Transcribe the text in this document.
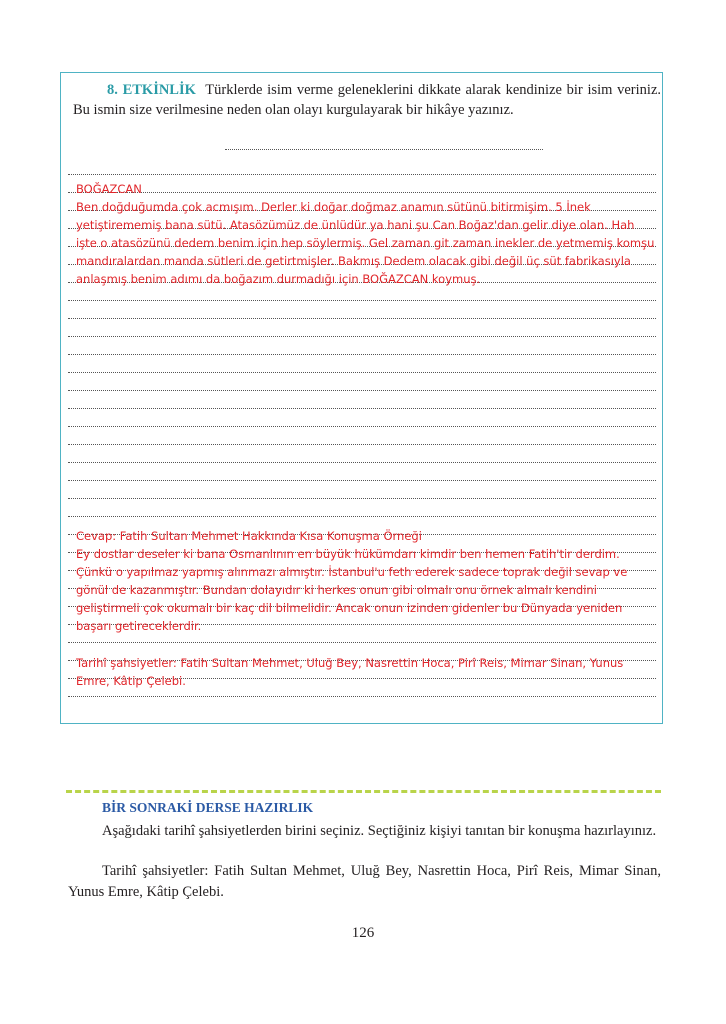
8. ETKİNLİK Türklerde isim verme geleneklerini dikkate alarak kendinize bir isim veriniz. Bu ismin size verilmesine neden olan olayı kurgulayarak bir hikâye yazınız.
BOĞAZCAN
Ben doğduğumda çok acmışım. Derler ki doğar doğmaz anamın sütünü bitirmişim. 5 İnek
yetiştirememiş bana sütü. Atasözümüz de ünlüdür ya hani şu Can Boğaz'dan gelir diye olan. Hah
işte o atasözünü dedem benim için hep söylermiş. Gel zaman git zaman inekler de yetmemiş komşu
mandıralardan manda sütleri de getirtmişler. Bakmış Dedem olacak gibi değil üç süt fabrikasıyla
anlaşmış benim adımı da boğazım durmadığı için BOĞAZCAN koymuş.
Cevap: Fatih Sultan Mehmet Hakkında Kısa Konuşma Örneği
Ey dostlar deseler ki bana Osmanlının en büyük hükümdarı kimdir ben hemen Fatih'tir derdim.
Çünkü o yapılmaz yapmış alınmazı almıştır. İstanbul'u feth ederek sadece toprak değil sevap ve
gönül de kazanmıştır. Bundan dolayıdır ki herkes onun gibi olmalı onu örnek almalı kendini
geliştirmeli çok okumalı bir kaç dil bilmelidir. Ancak onun izinden gidenler bu Dünyada yeniden
başarı getireceklerdir.
Tarihî şahsiyetler: Fatih Sultan Mehmet, Uluğ Bey, Nasrettin Hoca, Pirî Reis, Mimar Sinan, Yunus
Emre, Kâtip Çelebi.
BİR SONRAKİ DERSE HAZIRLIK
Aşağıdaki tarihî şahsiyetlerden birini seçiniz. Seçtiğiniz kişiyi tanıtan bir konuşma hazırlayınız.
Tarihî şahsiyetler: Fatih Sultan Mehmet, Uluğ Bey, Nasrettin Hoca, Pirî Reis, Mimar Sinan, Yunus Emre, Kâtip Çelebi.
126
